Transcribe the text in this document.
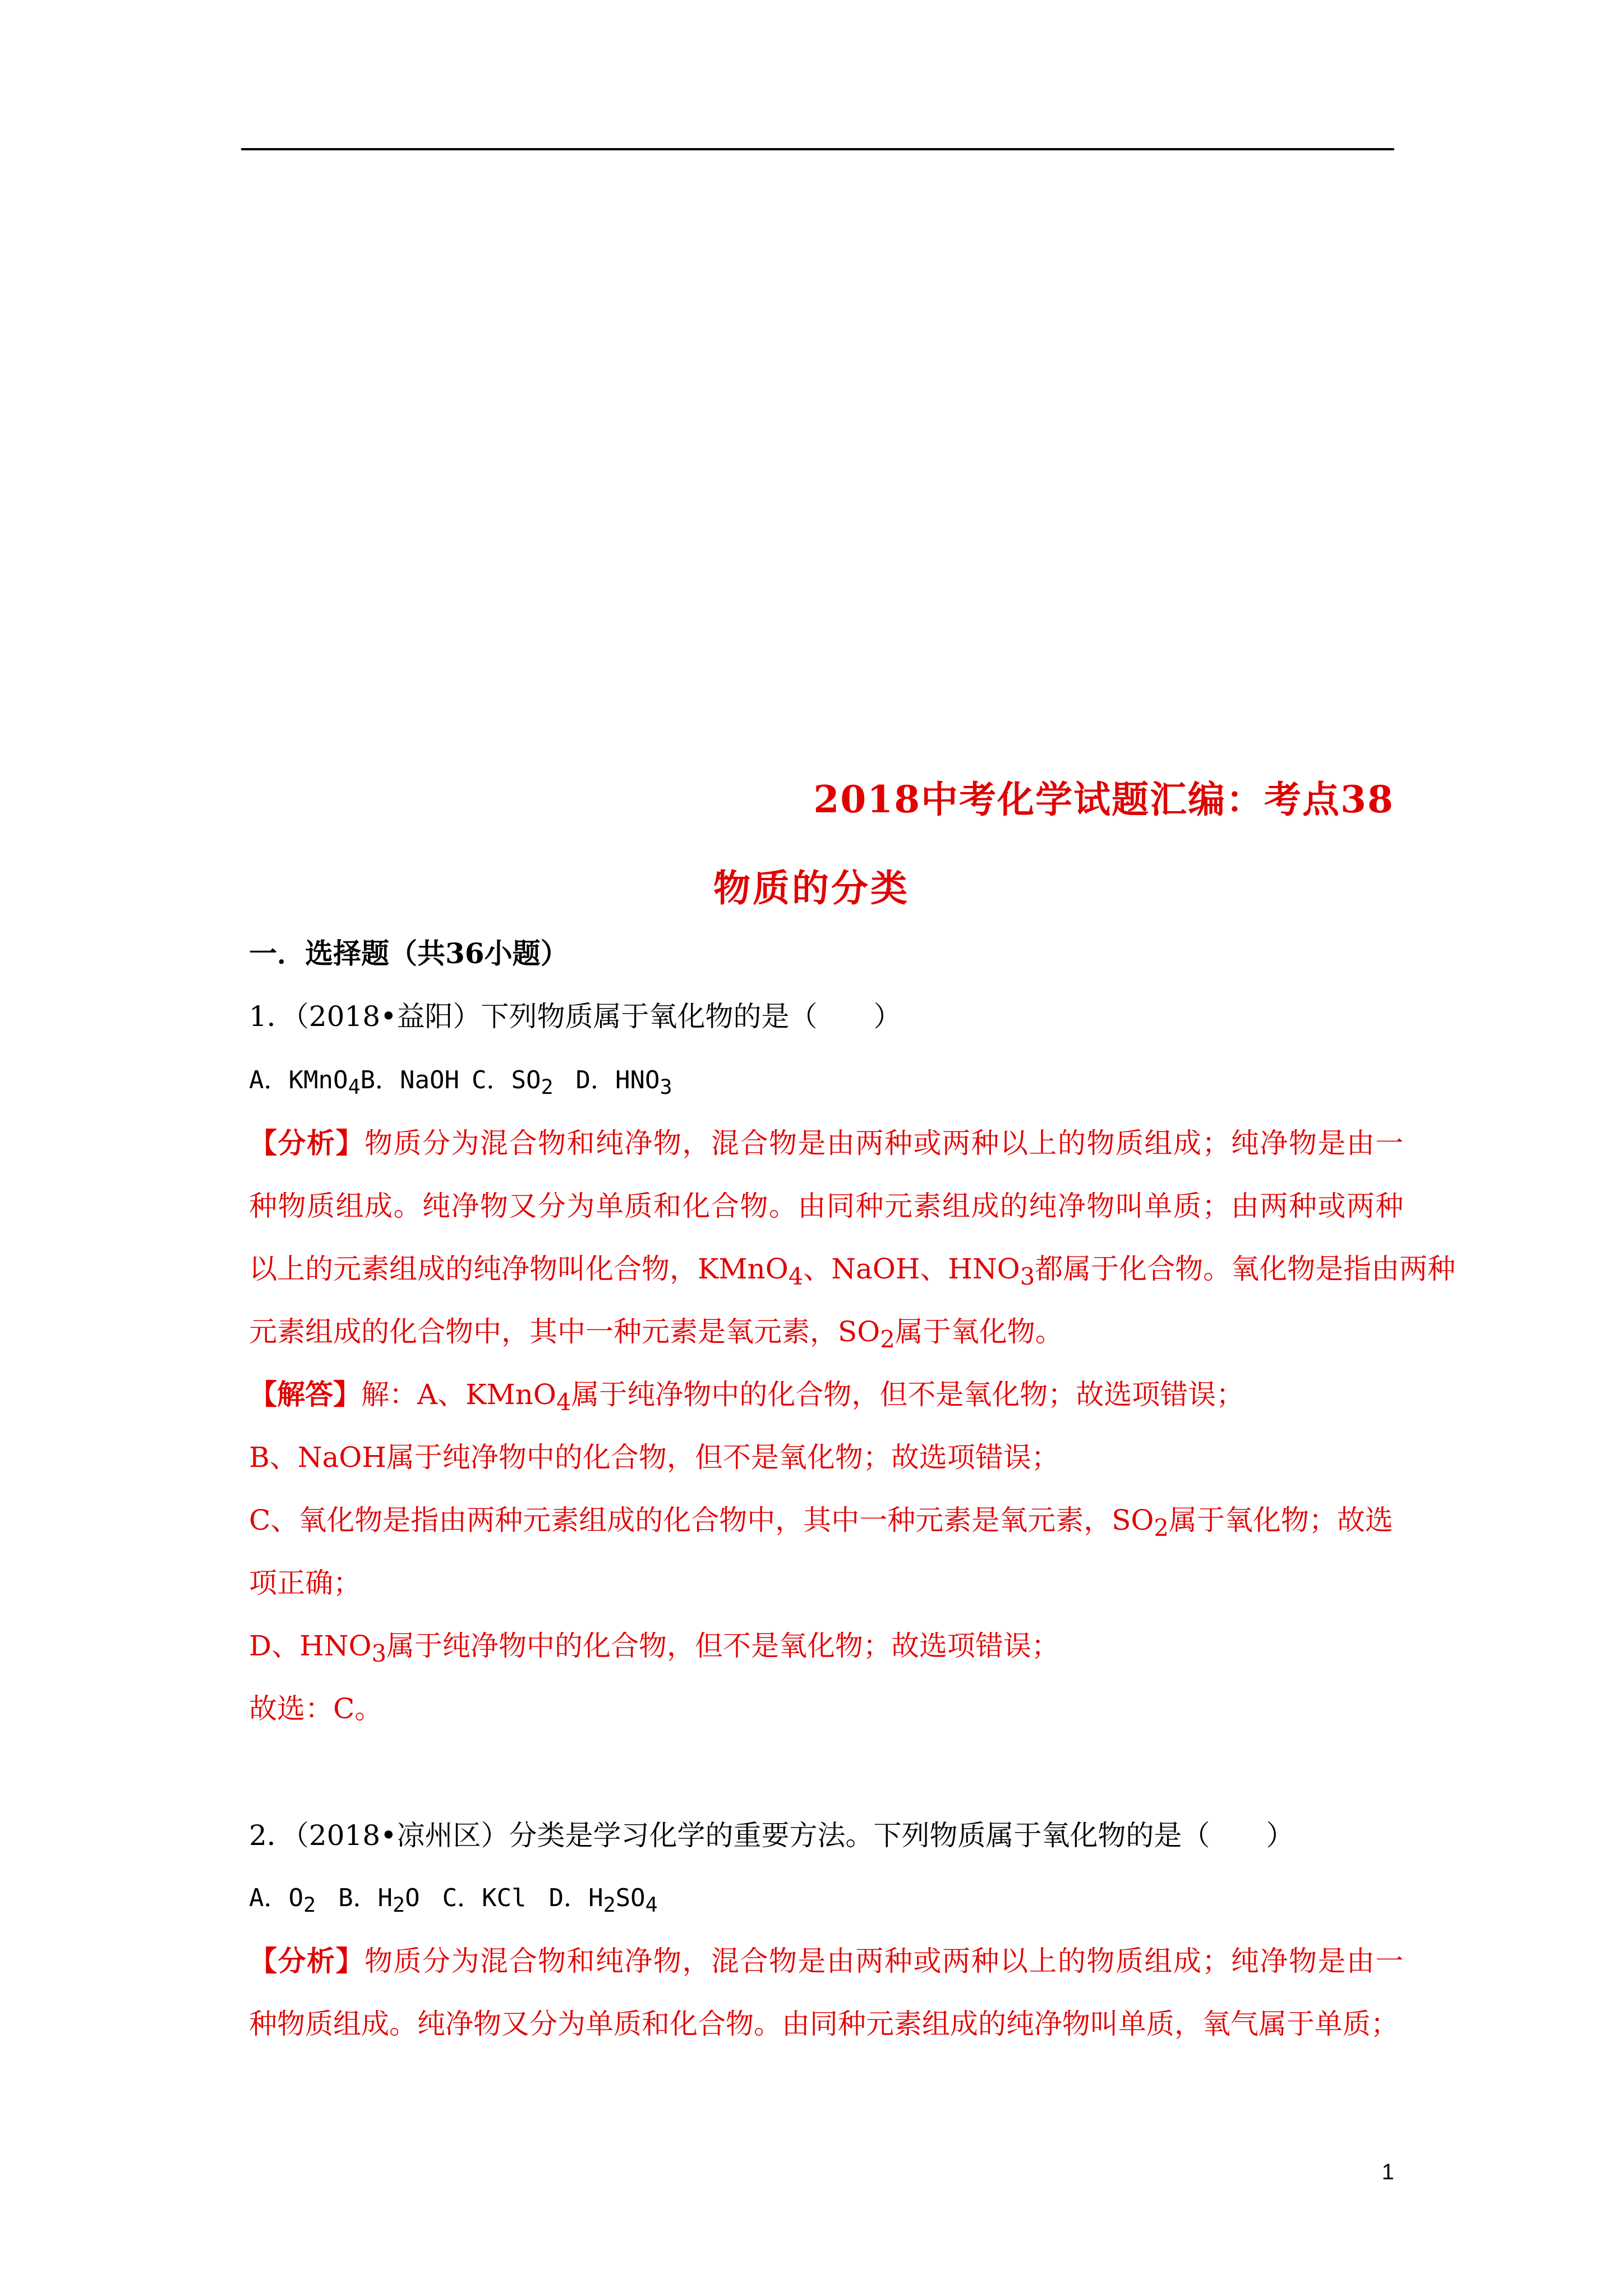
2018中考化学试题汇编：考点38
物质的分类
一．选择题（共36小题）
1．（2018•益阳）下列物质属于氧化物的是（　　）
A．KMnO$_4$B．NaOH C．$SO_2$ D．$HNO_3$
【分析】物质分为混合物和纯净物，混合物是由两种或两种以上的物质组成；纯净物是由一
种物质组成。纯净物又分为单质和化合物。由同种元素组成的纯净物叫单质；由两种或两种
以上的元素组成的纯净物叫化合物，KMnO$_4$、NaOH、$HNO_3$都属于化合物。氧化物是指由两种
元素组成的化合物中，其中一种元素是氧元素，$SO_2$属于氧化物。
【解答】解：A、KMnO$_4$属于纯净物中的化合物，但不是氧化物；故选项错误；
B、NaOH属于纯净物中的化合物，但不是氧化物；故选项错误；
C、氧化物是指由两种元素组成的化合物中，其中一种元素是氧元素，$SO_2$属于氧化物；故选
项正确；
D、$HNO_3$属于纯净物中的化合物，但不是氧化物；故选项错误；
故选：C。
2．（2018•凉州区）分类是学习化学的重要方法。下列物质属于氧化物的是（　　）
A．$O_2$ B．$H_2O$ C．KCl D．$H_2SO_4$
【分析】物质分为混合物和纯净物，混合物是由两种或两种以上的物质组成；纯净物是由一
种物质组成。纯净物又分为单质和化合物。由同种元素组成的纯净物叫单质，氧气属于单质；
1
